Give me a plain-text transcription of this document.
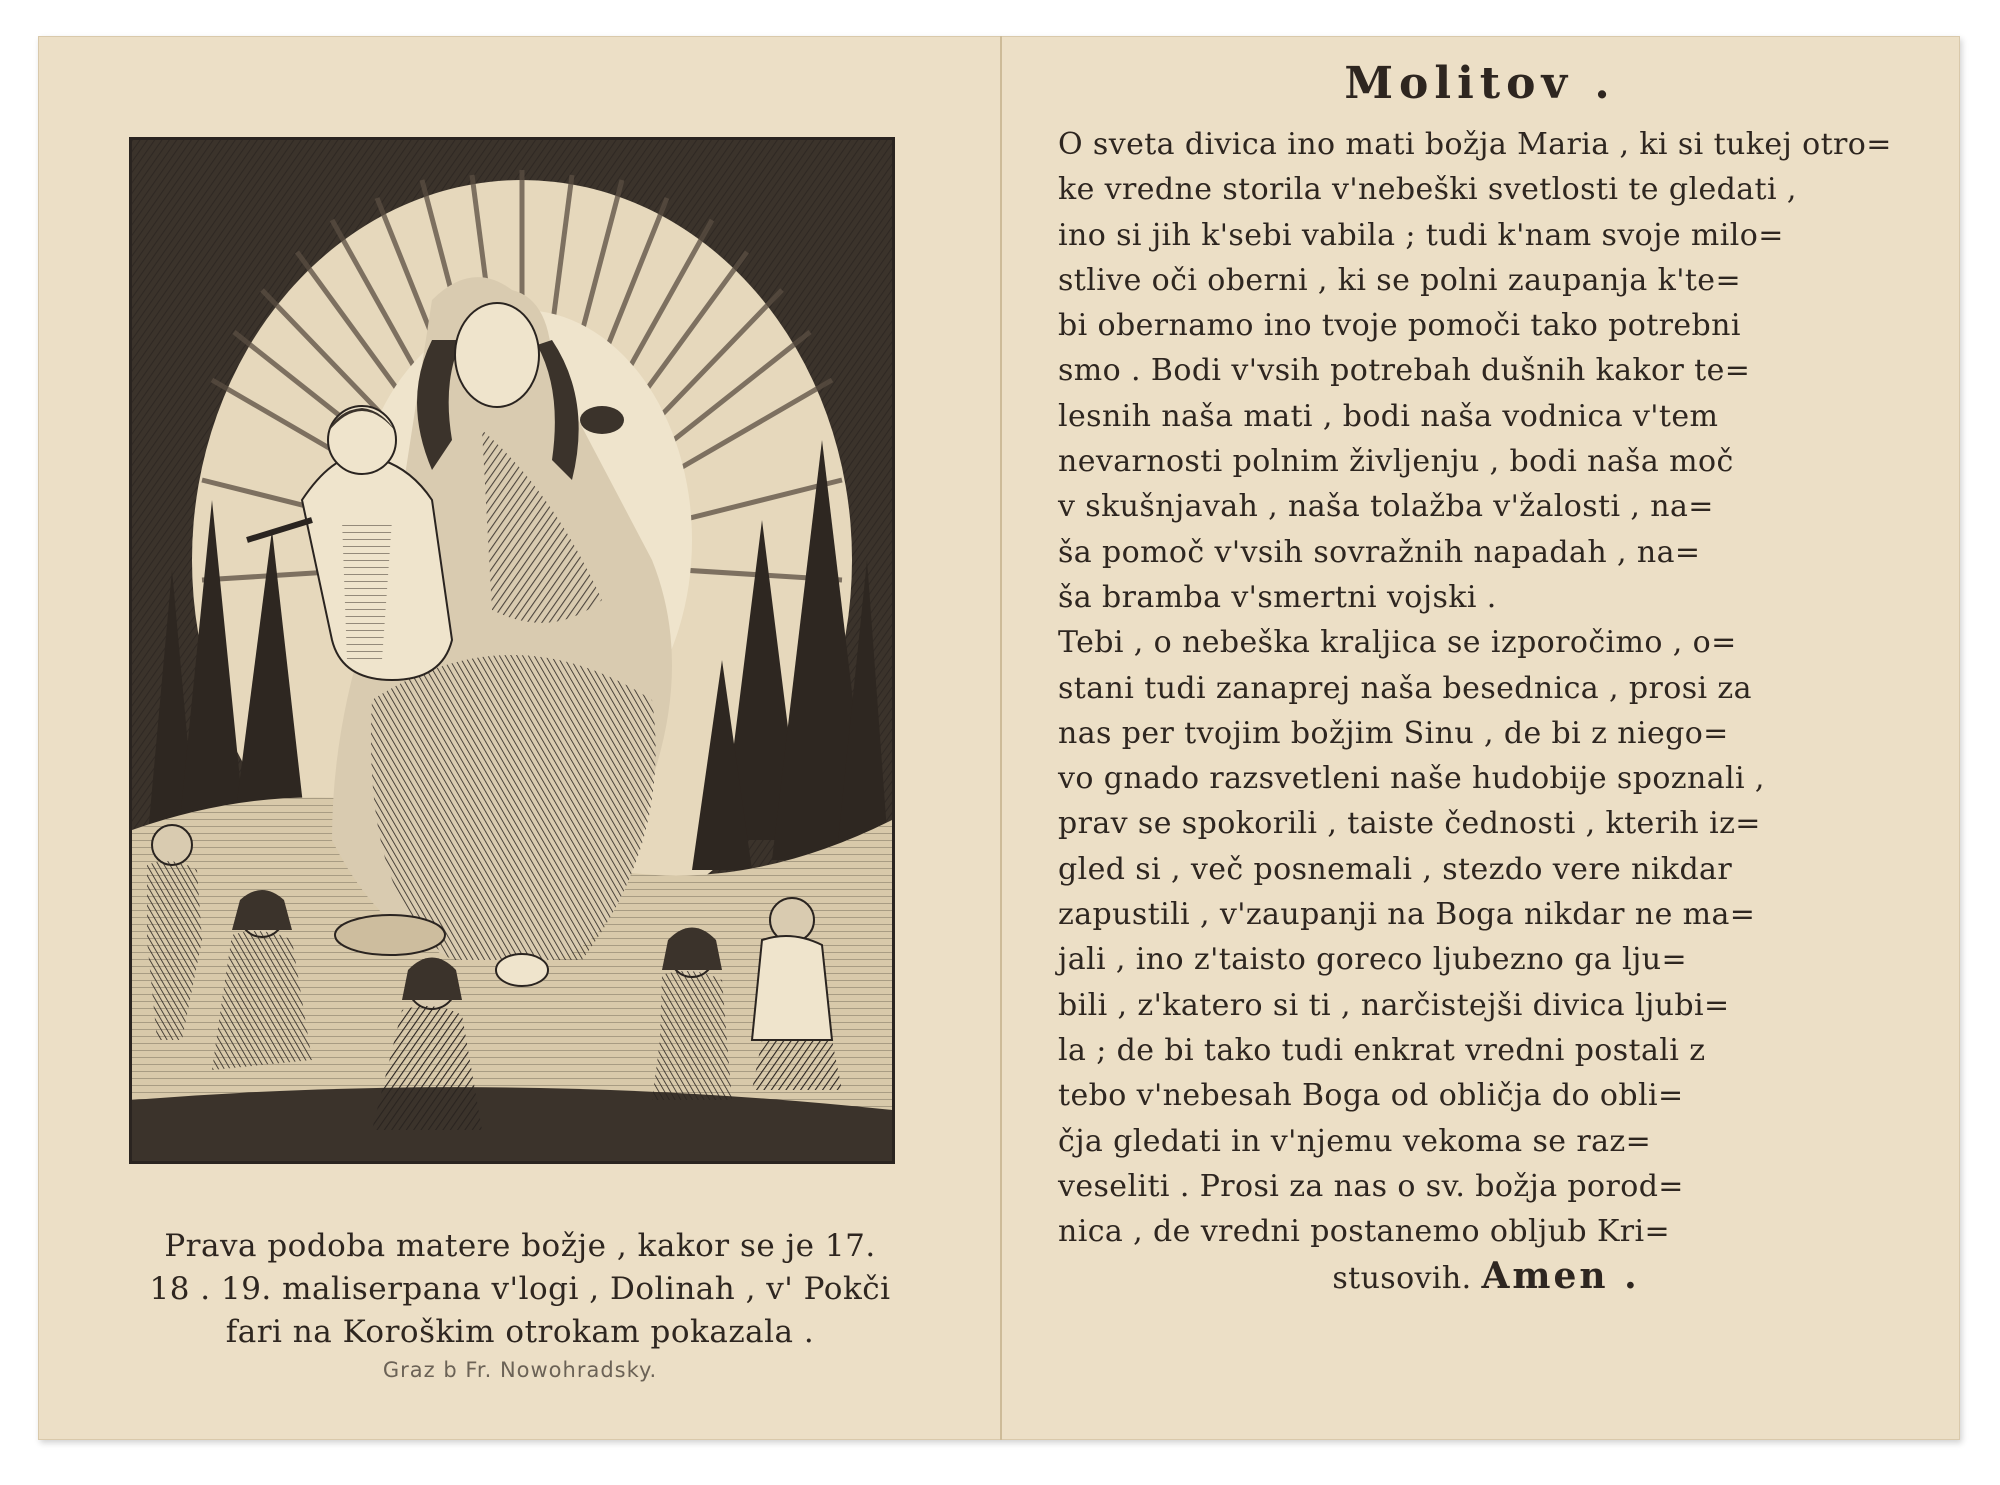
Prava podoba matere božje , kakor se je 17.
18 . 19. maliserpana v'logi , Dolinah , v' Pokči
fari na Koroškim otrokam pokazala .
Graz b Fr. Nowohradsky.
Molitov .
O sveta divica ino mati božja Maria , ki si tukej otro=
ke vredne storila v'nebeški svetlosti te gledati ,
ino si jih k'sebi vabila ; tudi k'nam svoje milo=
stlive oči oberni , ki se polni zaupanja k'te=
bi obernamo ino tvoje pomoči tako potrebni
smo . Bodi v'vsih potrebah dušnih kakor te=
lesnih naša mati , bodi naša vodnica v'tem
nevarnosti polnim življenju , bodi naša moč
v skušnjavah , naša tolažba v'žalosti , na=
ša pomoč v'vsih sovražnih napadah , na=
ša bramba v'smertni vojski .
Tebi , o nebeška kraljica se izporočimo , o=
stani tudi zanaprej naša besednica , prosi za
nas per tvojim božjim Sinu , de bi z niego=
vo gnado razsvetleni naše hudobije spoznali ,
prav se spokorili , taiste čednosti , kterih iz=
gled si , več posnemali , stezdo vere nikdar
zapustili , v'zaupanji na Boga nikdar ne ma=
jali , ino z'taisto goreco ljubezno ga lju=
bili , z'katero si ti , narčistejši divica ljubi=
la ; de bi tako tudi enkrat vredni postali z
tebo v'nebesah Boga od obličja do obli=
čja gledati in v'njemu vekoma se raz=
veseliti . Prosi za nas o sv. božja porod=
nica , de vredni postanemo obljub Kri=
stusovih. Amen .
